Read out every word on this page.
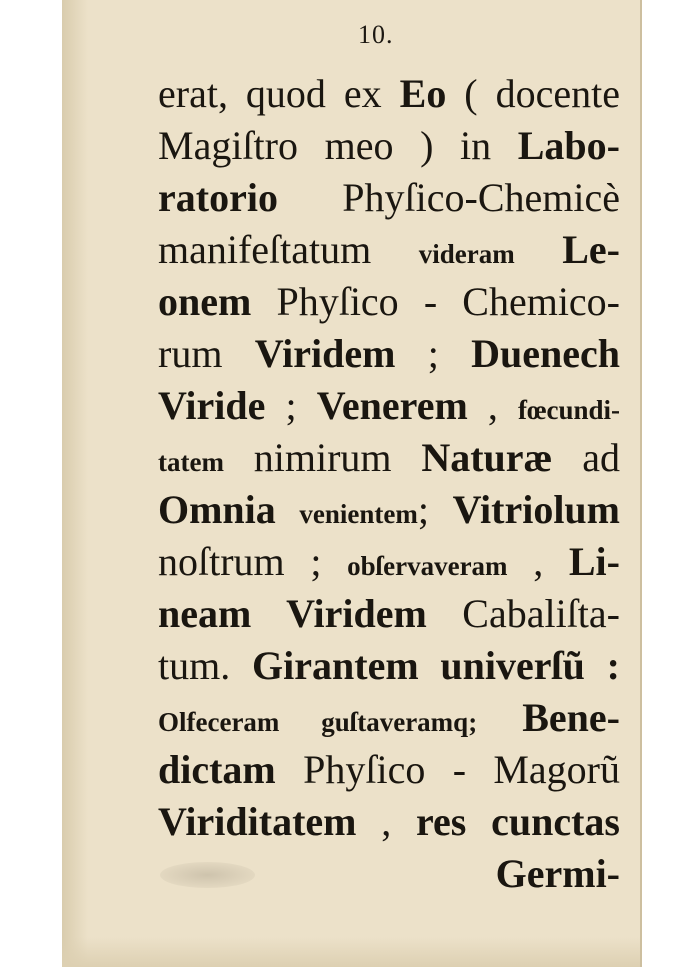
10.
erat, quod ex Eo ( docente
Magiſtro meo ) in Labo-
ratorio Phyſico-Chemicè
manifeſtatum videram Le-
onem Phyſico - Chemico-
rum Viridem ; Duenech
Viride ; Venerem , fœcundi-
tatem nimirum Naturæ ad
Omnia venientem; Vitriolum
noſtrum ; obſervaveram , Li-
neam Viridem Cabaliſta-
tum. Girantem univerſũ :
Olfeceram guſtaveramq; Bene-
dictam Phyſico - Magorũ
Viriditatem , res cunctas
Germi-
